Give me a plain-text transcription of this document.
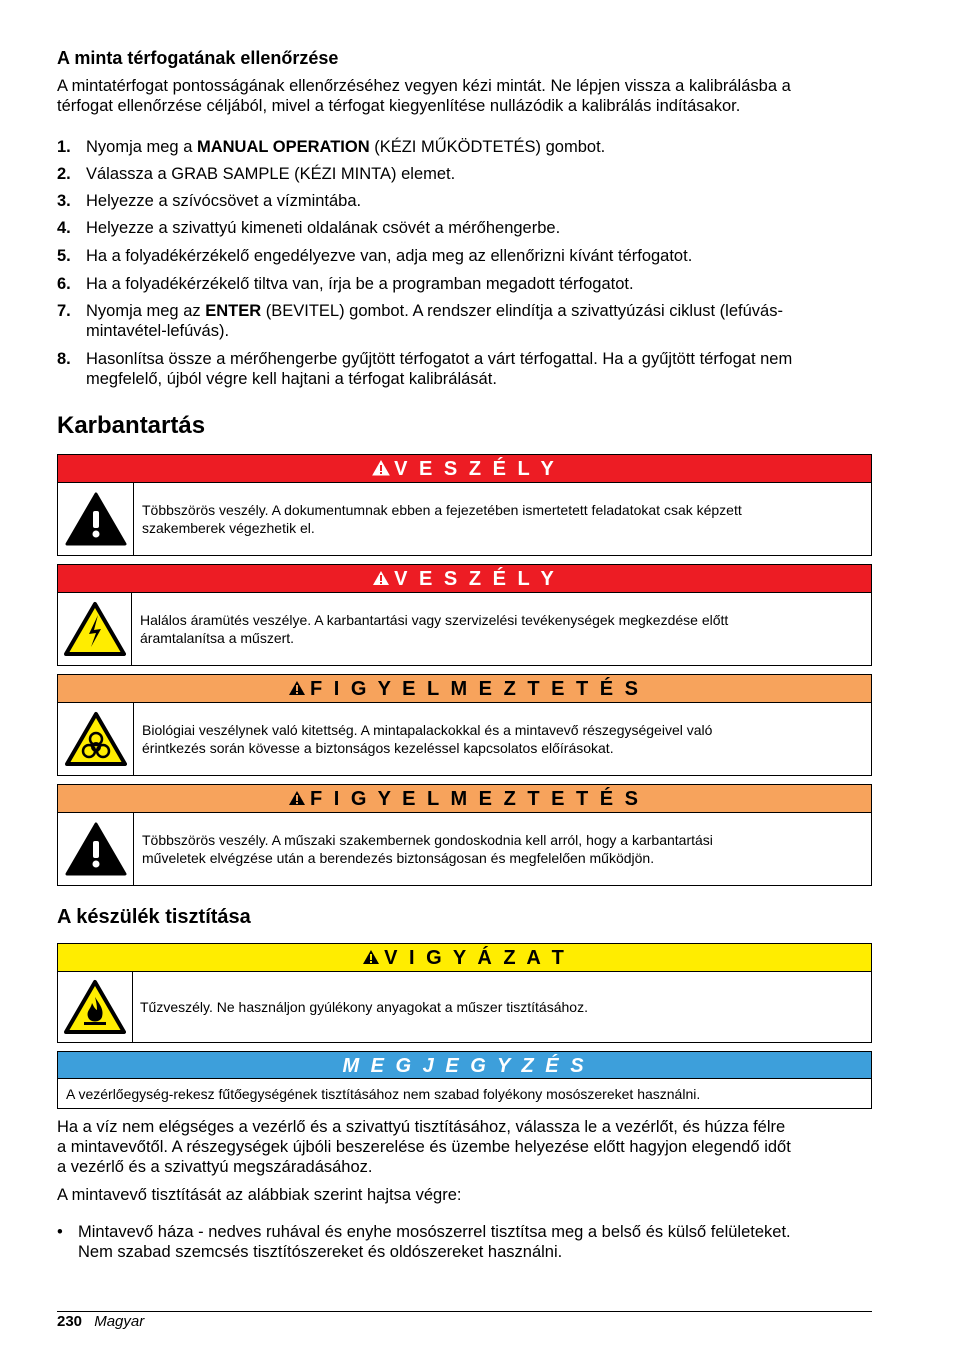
A minta térfogatának ellenőrzése
A mintatérfogat pontosságának ellenőrzéséhez vegyen kézi mintát. Ne lépjen vissza a kalibrálásba a
térfogat ellenőrzése céljából, mivel a térfogat kiegyenlítése nullázódik a kalibrálás indításakor.
1. Nyomja meg a MANUAL OPERATION (KÉZI MŰKÖDTETÉS) gombot.
2. Válassza a GRAB SAMPLE (KÉZI MINTA) elemet.
3. Helyezze a szívócsövet a vízmintába.
4. Helyezze a szivattyú kimeneti oldalának csövét a mérőhengerbe.
5. Ha a folyadékérzékelő engedélyezve van, adja meg az ellenőrizni kívánt térfogatot.
6. Ha a folyadékérzékelő tiltva van, írja be a programban megadott térfogatot.
7. Nyomja meg az ENTER (BEVITEL) gombot. A rendszer elindítja a szivattyúzási ciklust (lefúvás-
mintavétel-lefúvás).
8. Hasonlítsa össze a mérőhengerbe gyűjtött térfogatot a várt térfogattal. Ha a gyűjtött térfogat nem
megfelelő, újból végre kell hajtani a térfogat kalibrálását.
Karbantartás
V E S Z É L Y
Többszörös veszély. A dokumentumnak ebben a fejezetében ismertetett feladatokat csak képzett
szakemberek végezhetik el.
V E S Z É L Y
Halálos áramütés veszélye. A karbantartási vagy szervizelési tevékenységek megkezdése előtt
áramtalanítsa a műszert.
F I G Y E L M E Z T E T É S
Biológiai veszélynek való kitettség. A mintapalackokkal és a mintavevő részegységeivel való
érintkezés során kövesse a biztonságos kezeléssel kapcsolatos előírásokat.
F I G Y E L M E Z T E T É S
Többszörös veszély. A műszaki szakembernek gondoskodnia kell arról, hogy a karbantartási
műveletek elvégzése után a berendezés biztonságosan és megfelelően működjön.
A készülék tisztítása
V I G Y Á Z A T
Tűzveszély. Ne használjon gyúlékony anyagokat a műszer tisztításához.
M E G J E G Y Z É S
A vezérlőegység-rekesz fűtőegységének tisztításához nem szabad folyékony mosószereket használni.
Ha a víz nem elégséges a vezérlő és a szivattyú tisztításához, válassza le a vezérlőt, és húzza félre
a mintavevőtől. A részegységek újbóli beszerelése és üzembe helyezése előtt hagyjon elegendő időt
a vezérlő és a szivattyú megszáradásához.
A mintavevő tisztítását az alábbiak szerint hajtsa végre:
• Mintavevő háza - nedves ruhával és enyhe mosószerrel tisztítsa meg a belső és külső felületeket.
Nem szabad szemcsés tisztítószereket és oldószereket használni.
230 Magyar
